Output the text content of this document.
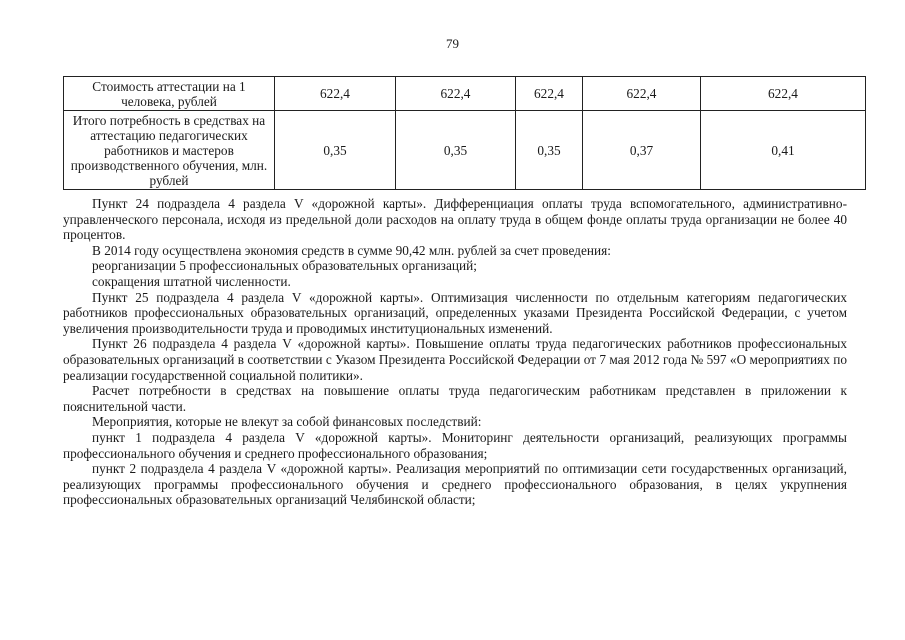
79
Стоимость аттестации на 1 человека, рублей	622,4	622,4	622,4	622,4	622,4
Итого потребность в средствах на аттестацию педагогических работников и мастеров производственного обучения, млн. рублей	0,35	0,35	0,35	0,37	0,41

Пункт 24 подраздела 4 раздела V «дорожной карты». Дифференциация оплаты труда вспомогательного, административно-управленческого персонала, исходя из предельной доли расходов на оплату труда в общем фонде оплаты труда организации не более 40 процентов.

В 2014 году осуществлена экономия средств в сумме 90,42 млн. рублей за счет проведения:

реорганизации 5 профессиональных образовательных организаций;

сокращения штатной численности.

Пункт 25 подраздела 4 раздела V «дорожной карты». Оптимизация численности по отдельным категориям педагогических работников профессиональных образовательных организаций, определенных указами Президента Российской Федерации, с учетом увеличения производительности труда и проводимых институциональных изменений.

Пункт 26 подраздела 4 раздела V «дорожной карты». Повышение оплаты труда педагогических работников профессиональных образовательных организаций в соответствии с Указом Президента Российской Федерации от 7 мая 2012 года № 597 «О мероприятиях по реализации государственной социальной политики».

Расчет потребности в средствах на повышение оплаты труда педагогическим работникам представлен в приложении к пояснительной части.

Мероприятия, которые не влекут за собой финансовых последствий:

пункт 1 подраздела 4 раздела V «дорожной карты». Мониторинг деятельности организаций, реализующих программы профессионального обучения и среднего профессионального образования;

пункт 2 подраздела 4 раздела V «дорожной карты». Реализация мероприятий по оптимизации сети государственных организаций, реализующих программы профессионального обучения и среднего профессионального образования, в целях укрупнения профессиональных образовательных организаций Челябинской области;
